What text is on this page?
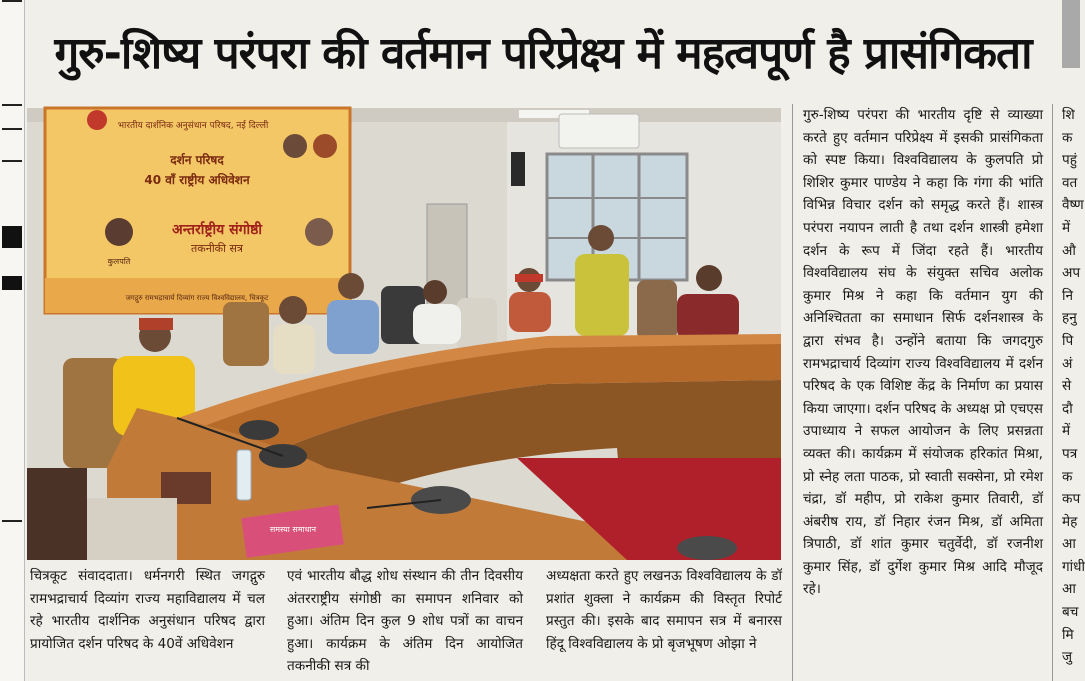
गुरु-शिष्य परंपरा की वर्तमान परिप्रेक्ष्य में महत्वपूर्ण है प्रासंगिकता
भारतीय दार्शनिक अनुसंधान परिषद, नई दिल्ली
दर्शन परिषद
40 वाँ राष्ट्रीय अधिवेशन
अन्तर्राष्ट्रीय संगोष्ठी
तकनीकी सत्र
कुलपति
जगद्गुरु रामभद्राचार्य दिव्यांग राज्य विश्वविद्यालय, चित्रकूट
समस्या समाधान

गुरु-शिष्य परंपरा की भारतीय दृष्टि से व्याख्या करते हुए वर्तमान परिप्रेक्ष्य में इसकी प्रासंगिकता को स्पष्ट किया। विश्वविद्यालय के कुलपति प्रो शिशिर कुमार पाण्डेय ने कहा कि गंगा की भांति विभिन्न विचार दर्शन को समृद्ध करते हैं। शास्त्र परंपरा नयापन लाती है तथा दर्शन शास्त्री हमेशा दर्शन के रूप में जिंदा रहते हैं। भारतीय विश्वविद्यालय संघ के संयुक्त सचिव अलोक कुमार मिश्र ने कहा कि वर्तमान युग की अनिश्चितता का समाधान सिर्फ दर्शनशास्त्र के द्वारा संभव है। उन्होंने बताया कि जगदगुरु रामभद्राचार्य दिव्यांग राज्य विश्वविद्यालय में दर्शन परिषद के एक विशिष्ट केंद्र के निर्माण का प्रयास किया जाएगा। दर्शन परिषद के अध्यक्ष प्रो एचएस उपाध्याय ने सफल आयोजन के लिए प्रसन्नता व्यक्त की। कार्यक्रम में संयोजक हरिकांत मिश्रा, प्रो स्नेह लता पाठक, प्रो स्वाती सक्सेना, प्रो रमेश चंद्रा, डॉ महीप, प्रो राकेश कुमार तिवारी, डॉ अंबरीष राय, डॉ निहार रंजन मिश्र, डॉ अमिता त्रिपाठी, डॉ शांत कुमार चतुर्वेदी, डॉ रजनीश कुमार सिंह, डॉ दुर्गेश कुमार मिश्र आदि मौजूद रहे।

चित्रकूट संवाददाता। धर्मनगरी स्थित जगद्गुरु रामभद्राचार्य दिव्यांग राज्य महाविद्यालय में चल रहे भारतीय दार्शनिक अनुसंधान परिषद द्वारा प्रायोजित दर्शन परिषद के 40वें अधिवेशन

एवं भारतीय बौद्ध शोध संस्थान की तीन दिवसीय अंतरराष्ट्रीय संगोष्ठी का समापन शनिवार को हुआ। अंतिम दिन कुल 9 शोध पत्रों का वाचन हुआ। कार्यक्रम के अंतिम दिन आयोजित तकनीकी सत्र की

अध्यक्षता करते हुए लखनऊ विश्वविद्यालय के डॉ प्रशांत शुक्ला ने कार्यक्रम की विस्तृत रिपोर्ट प्रस्तुत की। इसके बाद समापन सत्र में बनारस हिंदू विश्वविद्यालय के प्रो बृजभूषण ओझा ने

शि क पहुं वत वैष्ण में औ अप नि हनु पि अं से दौ में पत्र क कप मेह आ गांधी आ बच मि जु
